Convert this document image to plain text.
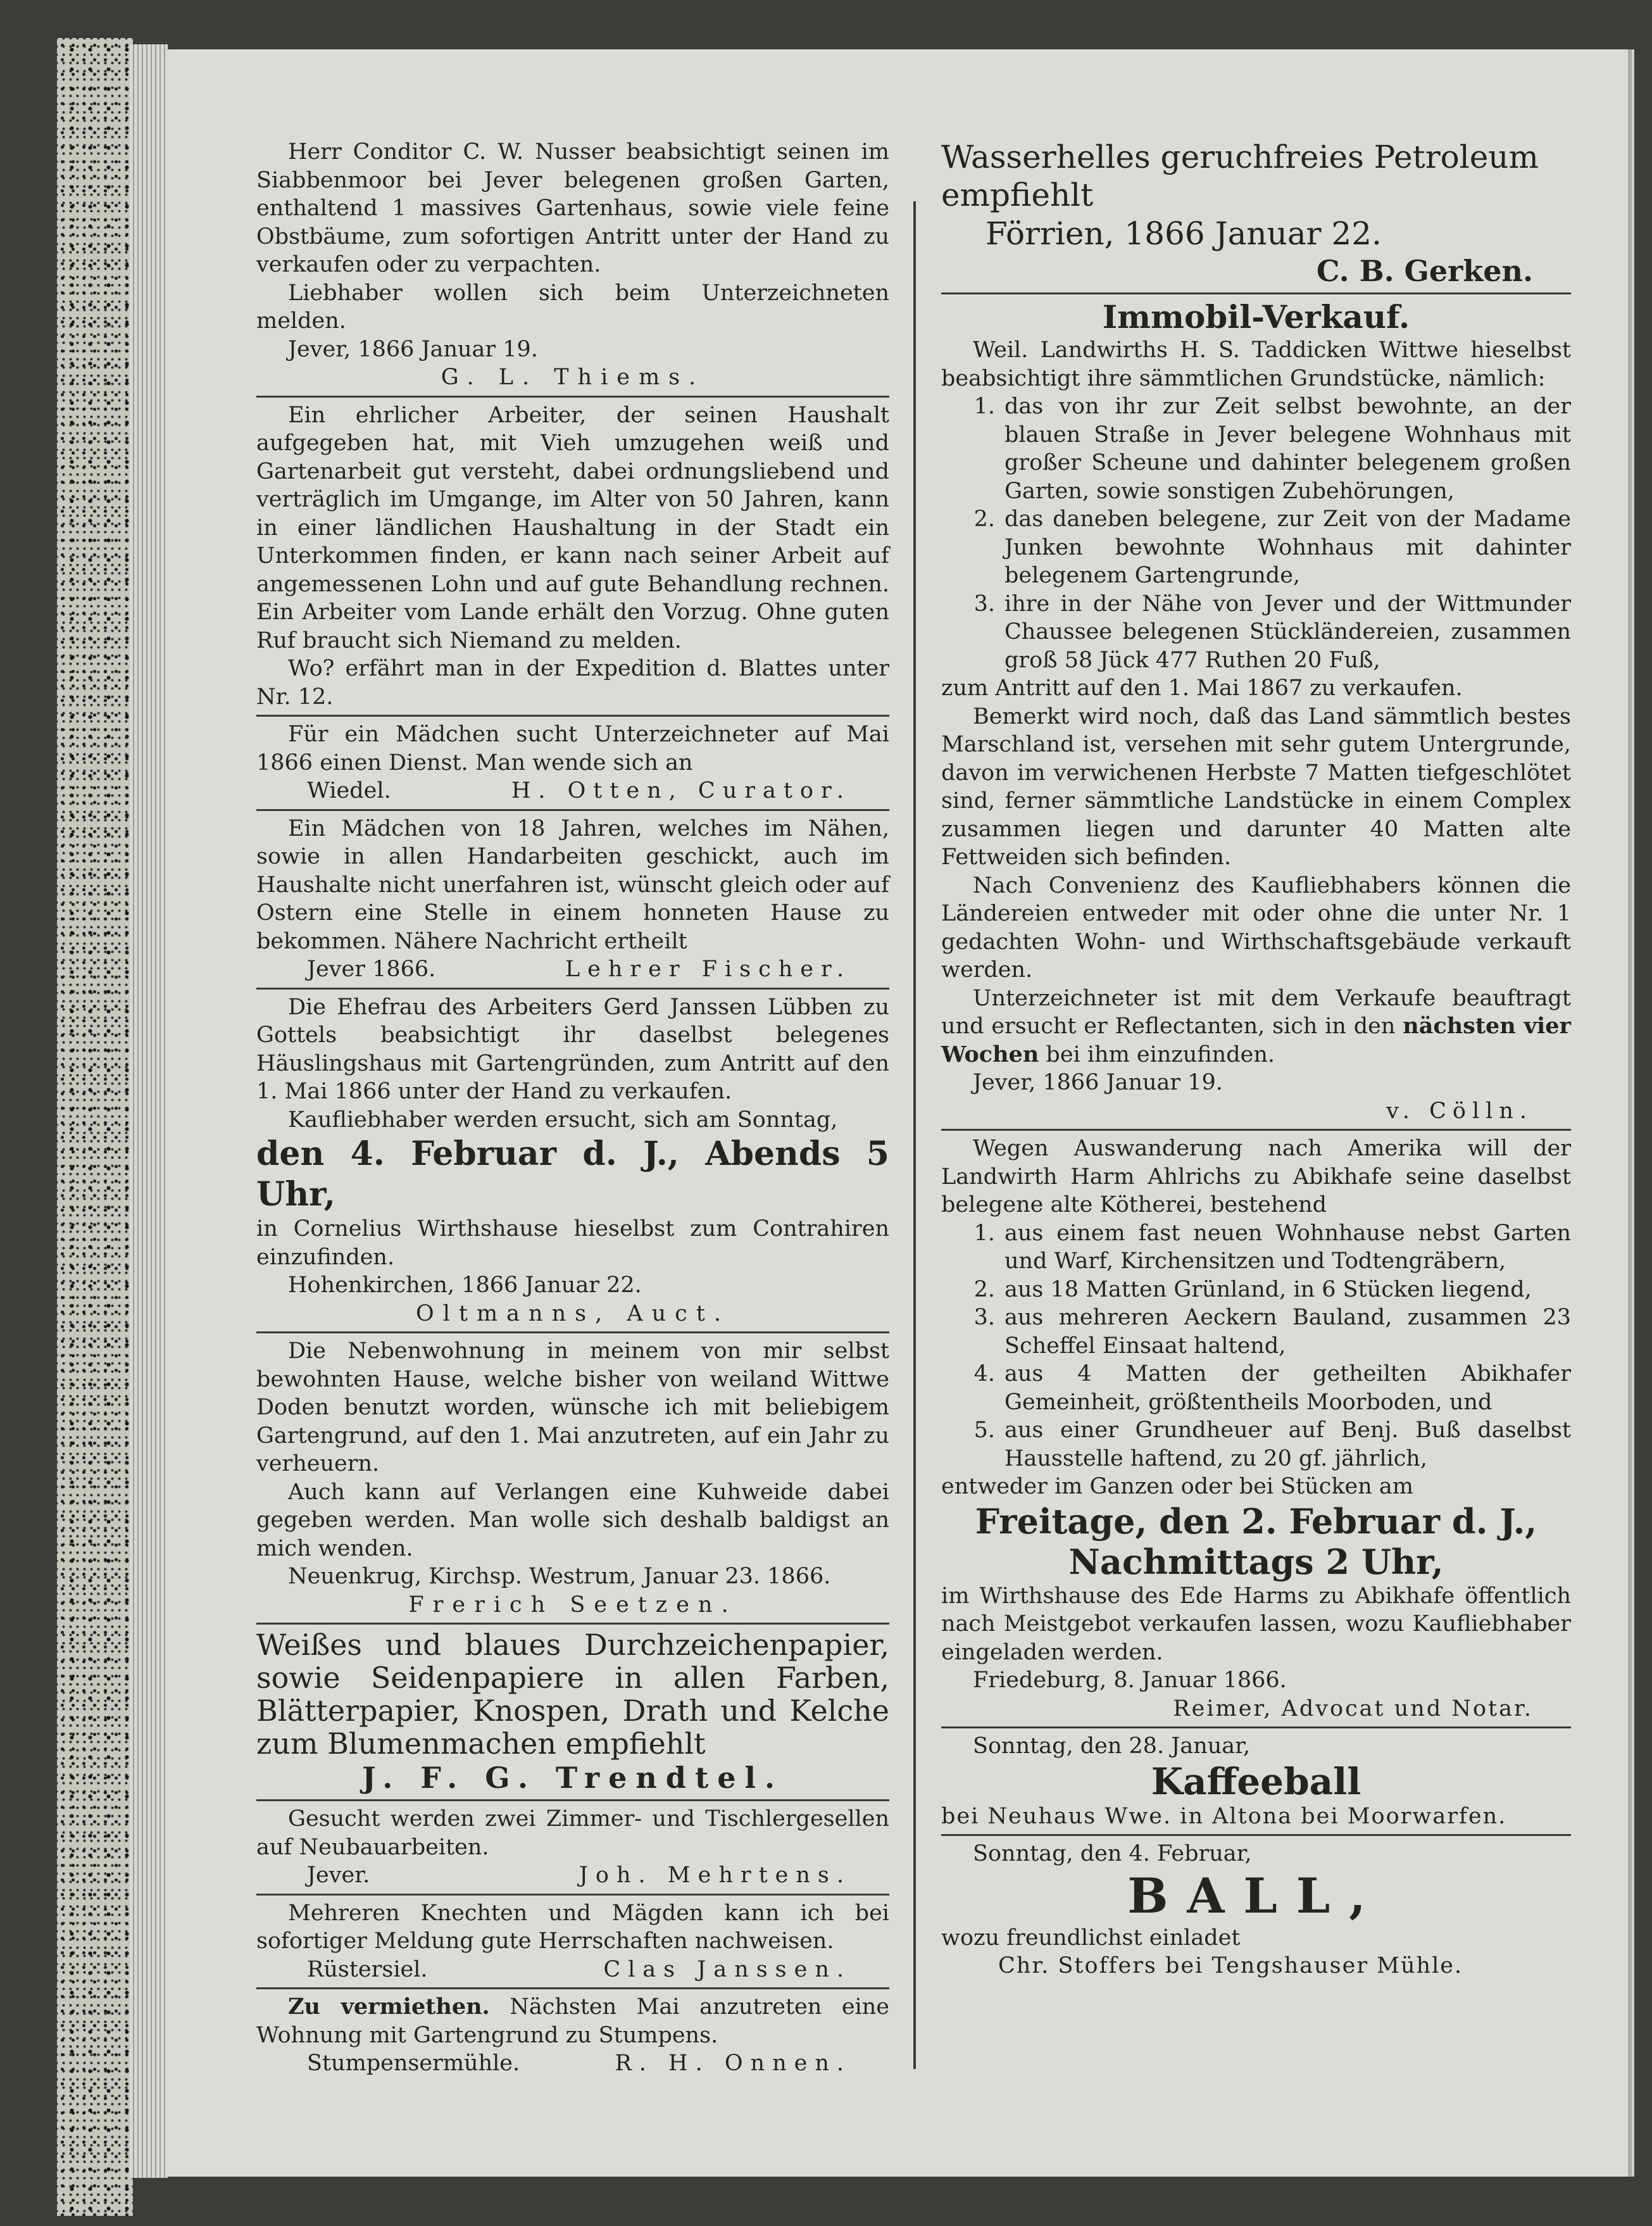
Herr Conditor C. W. Nusser beabsichtigt seinen im Siabbenmoor bei Jever belegenen großen Garten, enthaltend 1 massives Gartenhaus, sowie viele feine Obstbäume, zum sofortigen Antritt unter der Hand zu verkaufen oder zu verpachten.

Liebhaber wollen sich beim Unterzeichneten melden.

Jever, 1866 Januar 19.

G. L. Thiems.

Ein ehrlicher Arbeiter, der seinen Haushalt aufgegeben hat, mit Vieh umzugehen weiß und Gartenarbeit gut versteht, dabei ordnungsliebend und verträglich im Umgange, im Alter von 50 Jahren, kann in einer ländlichen Haushaltung in der Stadt ein Unterkommen finden, er kann nach seiner Arbeit auf angemessenen Lohn und auf gute Behandlung rechnen. Ein Arbeiter vom Lande erhält den Vorzug. Ohne guten Ruf braucht sich Niemand zu melden.

Wo? erfährt man in der Expedition d. Blattes unter Nr. 12.

Für ein Mädchen sucht Unterzeichneter auf Mai 1866 einen Dienst. Man wende sich an

Wiedel.	H. Otten, Curator.

Ein Mädchen von 18 Jahren, welches im Nähen, sowie in allen Handarbeiten geschickt, auch im Haushalte nicht unerfahren ist, wünscht gleich oder auf Ostern eine Stelle in einem honneten Hause zu bekommen. Nähere Nachricht ertheilt

Jever 1866.	Lehrer Fischer.

Die Ehefrau des Arbeiters Gerd Janssen Lübben zu Gottels beabsichtigt ihr daselbst belegenes Häuslingshaus mit Gartengründen, zum Antritt auf den 1. Mai 1866 unter der Hand zu verkaufen.

Kaufliebhaber werden ersucht, sich am Sonntag,

den 4. Februar d. J., Abends 5 Uhr,

in Cornelius Wirthshause hieselbst zum Contrahiren einzufinden.

Hohenkirchen, 1866 Januar 22.

Oltmanns, Auct.

Die Nebenwohnung in meinem von mir selbst bewohnten Hause, welche bisher von weiland Wittwe Doden benutzt worden, wünsche ich mit beliebigem Gartengrund, auf den 1. Mai anzutreten, auf ein Jahr zu verheuern.

Auch kann auf Verlangen eine Kuhweide dabei gegeben werden. Man wolle sich deshalb baldigst an mich wenden.

Neuenkrug, Kirchsp. Westrum, Januar 23. 1866.

Frerich Seetzen.

Weißes und blaues Durchzeichenpapier, sowie Seidenpapiere in allen Farben, Blätterpapier, Knospen, Drath und Kelche zum Blumenmachen empfiehlt

J. F. G. Trendtel.

Gesucht werden zwei Zimmer- und Tischlergesellen auf Neubauarbeiten.

Jever.	Joh. Mehrtens.

Mehreren Knechten und Mägden kann ich bei sofortiger Meldung gute Herrschaften nachweisen.

Rüstersiel.	Clas Janssen.

Zu vermiethen. Nächsten Mai anzutreten eine Wohnung mit Gartengrund zu Stumpens.

Stumpensermühle.	R. H. Onnen.

Wasserhelles geruchfreies Petroleum empfiehlt

Förrien, 1866 Januar 22.

C. B. Gerken.
Immobil-Verkauf.

Weil. Landwirths H. S. Taddicken Wittwe hieselbst beabsichtigt ihre sämmtlichen Grundstücke, nämlich:

1. das von ihr zur Zeit selbst bewohnte, an der blauen Straße in Jever belegene Wohnhaus mit großer Scheune und dahinter belegenem großen Garten, sowie sonstigen Zubehörungen,
2. das daneben belegene, zur Zeit von der Madame Junken bewohnte Wohnhaus mit dahinter belegenem Gartengrunde,
3. ihre in der Nähe von Jever und der Wittmunder Chaussee belegenen Stückländereien, zusammen groß 58 Jück 477 Ruthen 20 Fuß,

zum Antritt auf den 1. Mai 1867 zu verkaufen.

Bemerkt wird noch, daß das Land sämmtlich bestes Marschland ist, versehen mit sehr gutem Untergrunde, davon im verwichenen Herbste 7 Matten tiefgeschlötet sind, ferner sämmtliche Landstücke in einem Complex zusammen liegen und darunter 40 Matten alte Fettweiden sich befinden.

Nach Convenienz des Kaufliebhabers können die Ländereien entweder mit oder ohne die unter Nr. 1 gedachten Wohn- und Wirthschaftsgebäude verkauft werden.

Unterzeichneter ist mit dem Verkaufe beauftragt und ersucht er Reflectanten, sich in den nächsten vier Wochen bei ihm einzufinden.

Jever, 1866 Januar 19.

v. Cölln.

Wegen Auswanderung nach Amerika will der Landwirth Harm Ahlrichs zu Abikhafe seine daselbst belegene alte Kötherei, bestehend

1. aus einem fast neuen Wohnhause nebst Garten und Warf, Kirchensitzen und Todtengräbern,
2. aus 18 Matten Grünland, in 6 Stücken liegend,
3. aus mehreren Aeckern Bauland, zusammen 23 Scheffel Einsaat haltend,
4. aus 4 Matten der getheilten Abikhafer Gemeinheit, größtentheils Moorboden, und
5. aus einer Grundheuer auf Benj. Buß daselbst Hausstelle haftend, zu 20 gf. jährlich,

entweder im Ganzen oder bei Stücken am

Freitage, den 2. Februar d. J.,
Nachmittags 2 Uhr,

im Wirthshause des Ede Harms zu Abikhafe öffentlich nach Meistgebot verkaufen lassen, wozu Kaufliebhaber eingeladen werden.

Friedeburg, 8. Januar 1866.

Reimer, Advocat und Notar.

Sonntag, den 28. Januar,

Kaffeeball

bei Neuhaus Wwe. in Altona bei Moorwarfen.

Sonntag, den 4. Februar,

BALL,

wozu freundlichst einladet

Chr. Stoffers bei Tengshauser Mühle.
